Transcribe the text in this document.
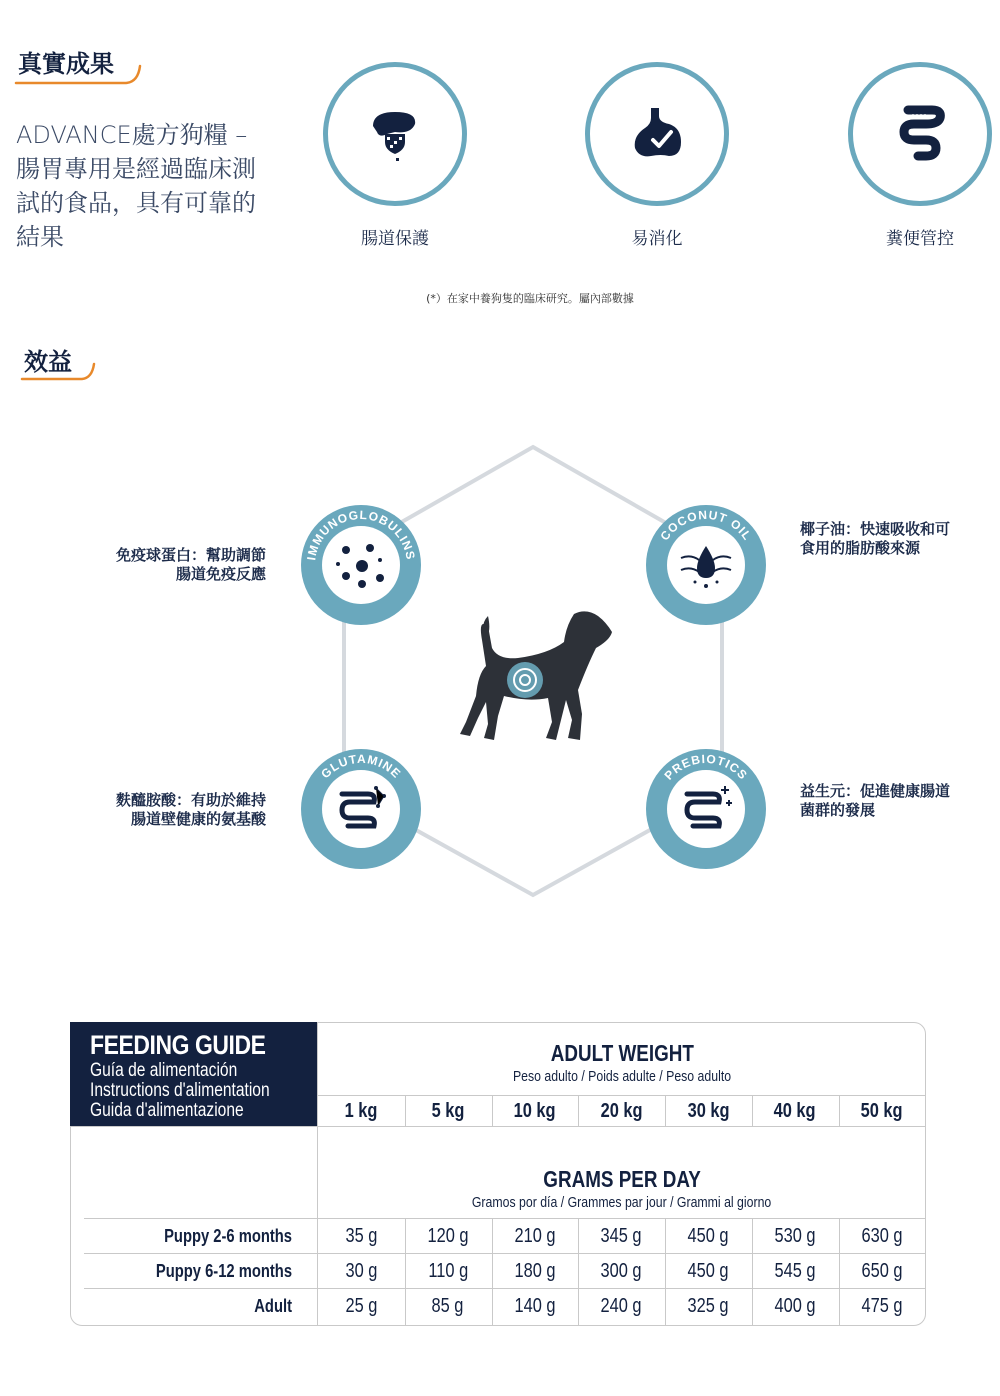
真實成果
ADVANCE處方狗糧 – 腸胃專用是經過臨床測試的食品，具有可靠的結果	腸道保護	易消化	糞便管控
(*）在家中養狗隻的臨床研究。屬內部數據
效益
IMMUNOGLOBULINS
免疫球蛋白：幫助調節
腸道免疫反應
COCONUT OIL	椰子油：快速吸收和可
食用的脂肪酸來源
GLUTAMINE
麩醯胺酸：有助於維持
腸道壁健康的氨基酸
PREBIOTICS
益生元：促進健康腸道
菌群的發展
FEEDING GUIDE
Guía de alimentación
Instructions d'alimentation
Guida d'alimentazione
ADULT WEIGHT
Peso adulto / Poids adulte / Peso adulto
GRAMS PER DAY
Gramos por día / Grammes par jour / Grammi al giorno
1 kg	5 kg	10 kg	20 kg	30 kg	40 kg	50 kg
Puppy 2-6 months	35 g	120 g	210 g	345 g	450 g	530 g	630 g
Puppy 6-12 months	30 g	110 g	180 g	300 g	450 g	545 g	650 g
Adult	25 g	85 g	140 g	240 g	325 g	400 g	475 g
